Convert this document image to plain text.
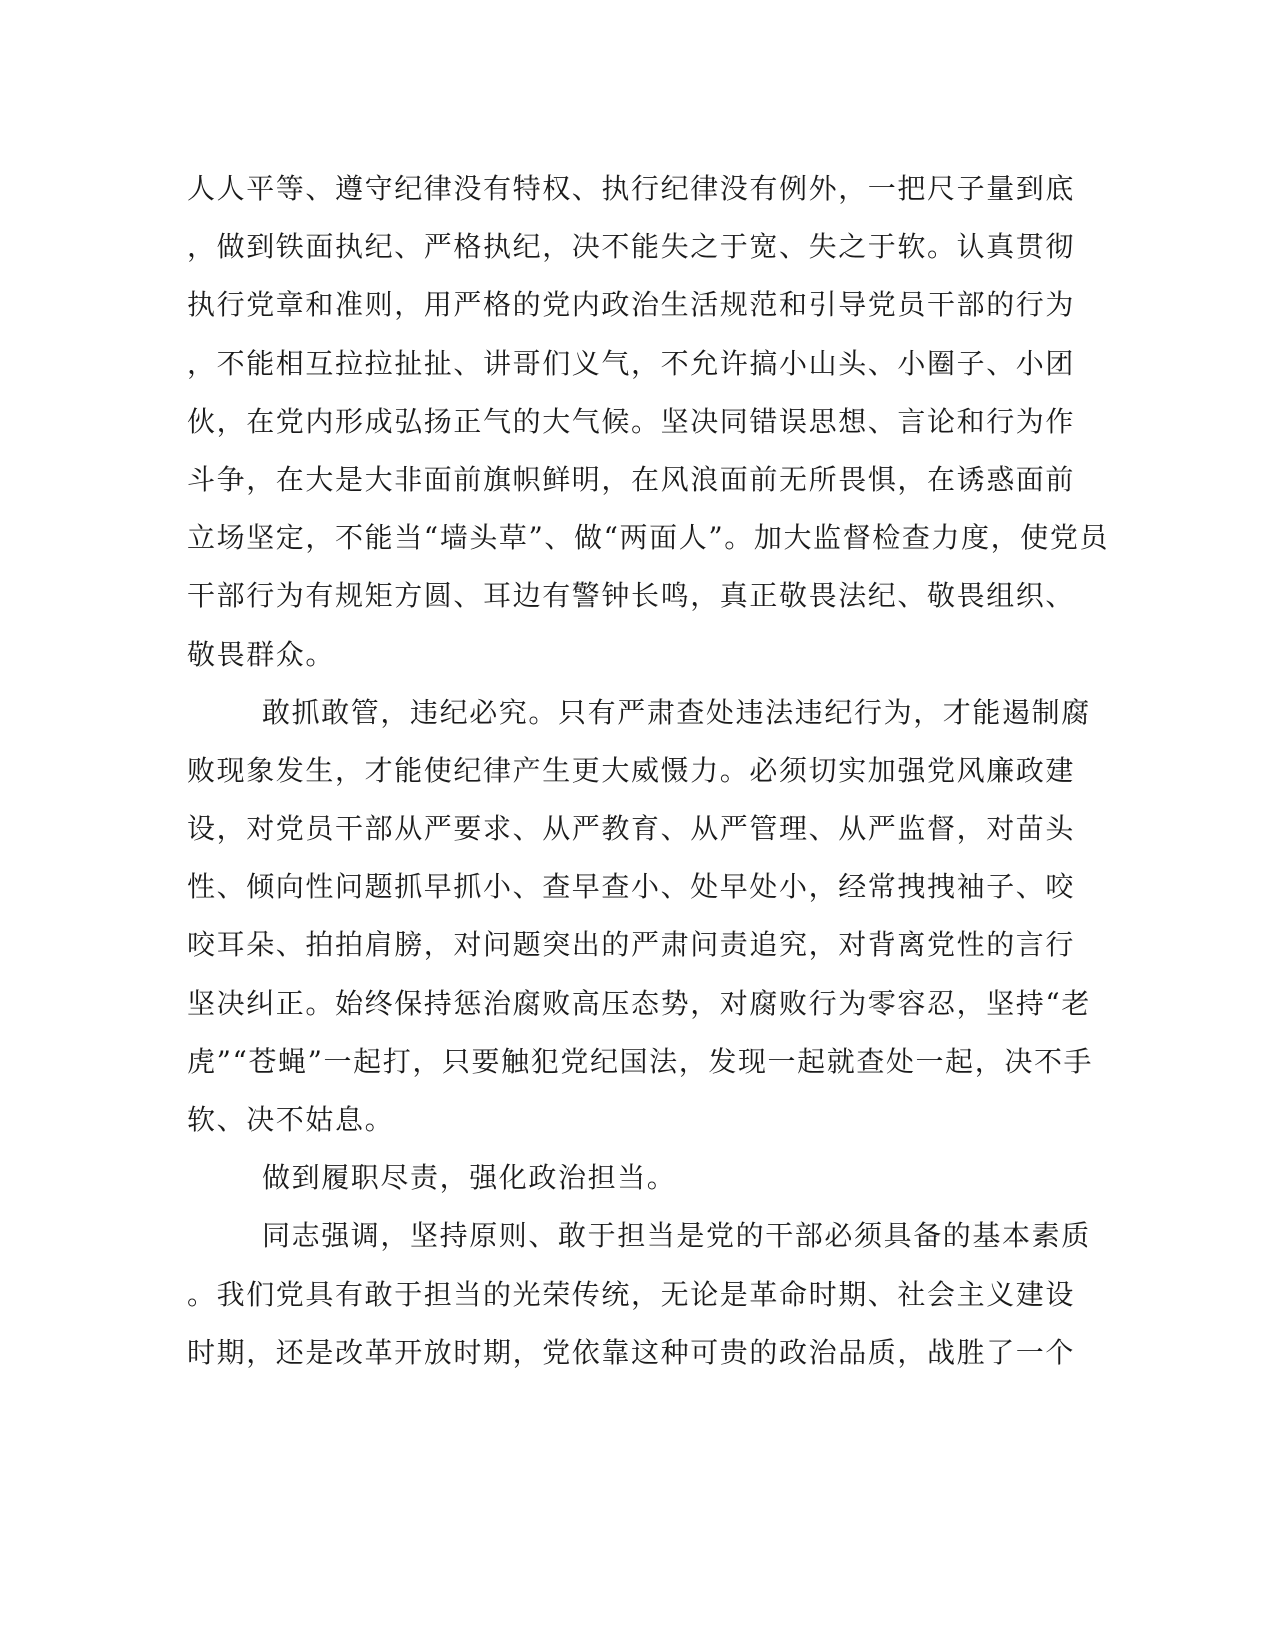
人人平等、遵守纪律没有特权、执行纪律没有例外，一把尺子量到底
，做到铁面执纪、严格执纪，决不能失之于宽、失之于软。认真贯彻
执行党章和准则，用严格的党内政治生活规范和引导党员干部的行为
，不能相互拉拉扯扯、讲哥们义气，不允许搞小山头、小圈子、小团
伙，在党内形成弘扬正气的大气候。坚决同错误思想、言论和行为作
斗争，在大是大非面前旗帜鲜明，在风浪面前无所畏惧，在诱惑面前
立场坚定，不能当“墙头草”、做“两面人”。加大监督检查力度，使党员
干部行为有规矩方圆、耳边有警钟长鸣，真正敬畏法纪、敬畏组织、
敬畏群众。
敢抓敢管，违纪必究。只有严肃查处违法违纪行为，才能遏制腐
败现象发生，才能使纪律产生更大威慑力。必须切实加强党风廉政建
设，对党员干部从严要求、从严教育、从严管理、从严监督，对苗头
性、倾向性问题抓早抓小、查早查小、处早处小，经常拽拽袖子、咬
咬耳朵、拍拍肩膀，对问题突出的严肃问责追究，对背离党性的言行
坚决纠正。始终保持惩治腐败高压态势，对腐败行为零容忍，坚持“老
虎”“苍蝇”一起打，只要触犯党纪国法，发现一起就查处一起，决不手
软、决不姑息。
做到履职尽责，强化政治担当。
同志强调，坚持原则、敢于担当是党的干部必须具备的基本素质
。我们党具有敢于担当的光荣传统，无论是革命时期、社会主义建设
时期，还是改革开放时期，党依靠这种可贵的政治品质，战胜了一个
